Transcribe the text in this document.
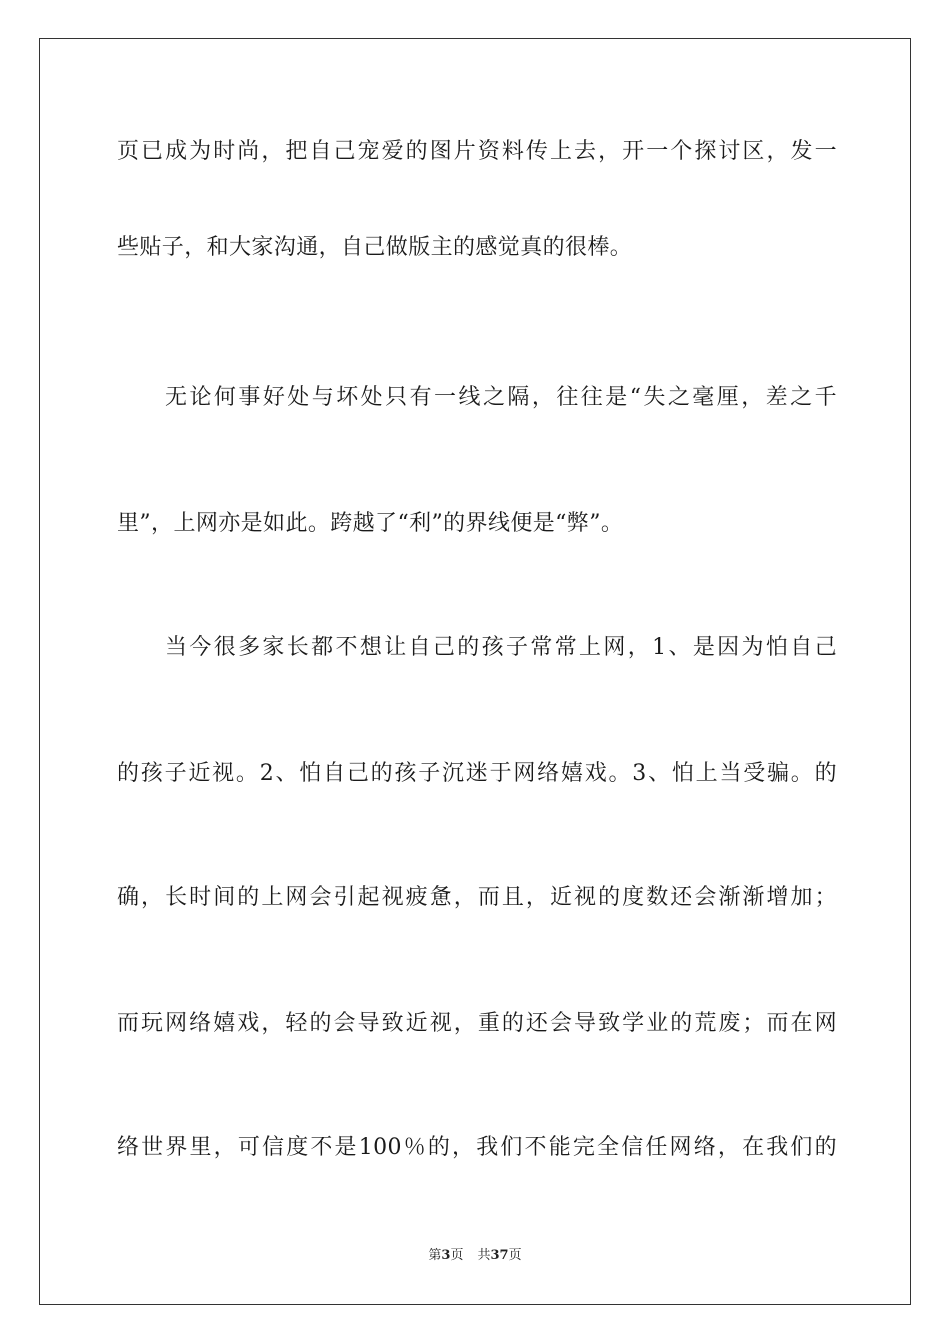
页已成为时尚，把自己宠爱的图片资料传上去，开一个探讨区，发一
些贴子，和大家沟通，自己做版主的感觉真的很棒。
无论何事好处与坏处只有一线之隔，往往是“失之毫厘，差之千
里”，上网亦是如此。跨越了“利”的界线便是“弊”。
当今很多家长都不想让自己的孩子常常上网，1、是因为怕自己
的孩子近视。2、怕自己的孩子沉迷于网络嬉戏。3、怕上当受骗。的
确，长时间的上网会引起视疲惫，而且，近视的度数还会渐渐增加；
而玩网络嬉戏，轻的会导致近视，重的还会导致学业的荒废；而在网
络世界里，可信度不是100％的，我们不能完全信任网络，在我们的
第3页 共37页
